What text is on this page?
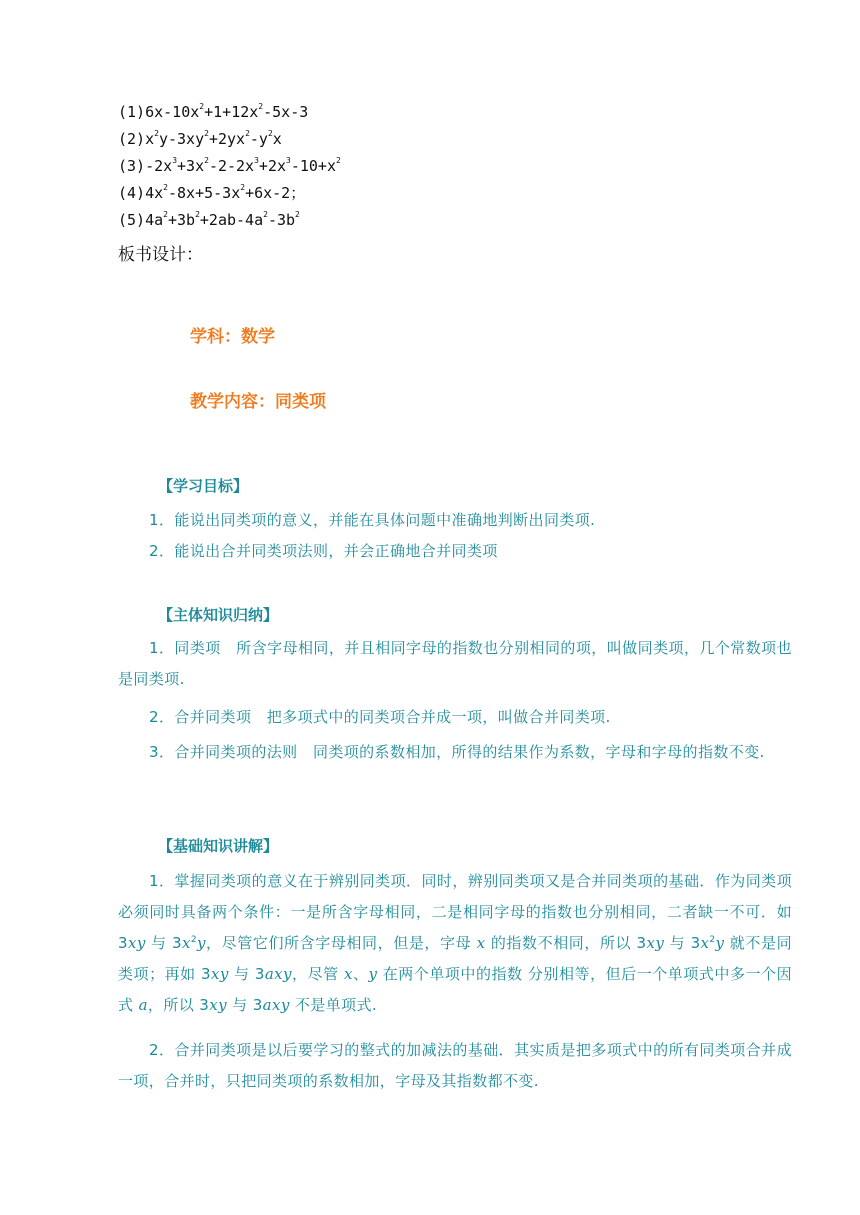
$(1)6x-10x^2+1+12x^2-5x-3$
$(2)x^2y-3xy^2+2yx^2-y^2x$
$(3)-2x^3+3x^2-2-2x^3+2x^3-10+x^2$
$(4)4x^2-8x+5-3x^2+6x-2$；
$(5)4a^2+3b^2+2ab-4a^2-3b^2$
板书设计：
学科：数学
教学内容：同类项
【学习目标】
1．能说出同类项的意义，并能在具体问题中准确地判断出同类项.
2．能说出合并同类项法则，并会正确地合并同类项
【主体知识归纳】
1．同类项　所含字母相同，并且相同字母的指数也分别相同的项，叫做同类项，几个常数项也是同类项.
2．合并同类项　把多项式中的同类项合并成一项，叫做合并同类项.
3．合并同类项的法则　同类项的系数相加，所得的结果作为系数，字母和字母的指数不变.
【基础知识讲解】
1．掌握同类项的意义在于辨别同类项．同时，辨别同类项又是合并同类项的基础．作为同类项必须同时具备两个条件：一是所含字母相同，二是相同字母的指数也分别相同，二者缺一不可．如 3xy 与 $3x^2y$，尽管它们所含字母相同，但是，字母 x 的指数不相同，所以 3xy 与 $3x^2y$ 就不是同类项；再如 3xy 与 3axy，尽管 x、y 在两个单项中的指数 分别相等，但后一个单项式中多一个因式 a，所以 3xy 与 3axy 不是单项式.
2．合并同类项是以后要学习的整式的加减法的基础．其实质是把多项式中的所有同类项合并成一项，合并时，只把同类项的系数相加，字母及其指数都不变.
